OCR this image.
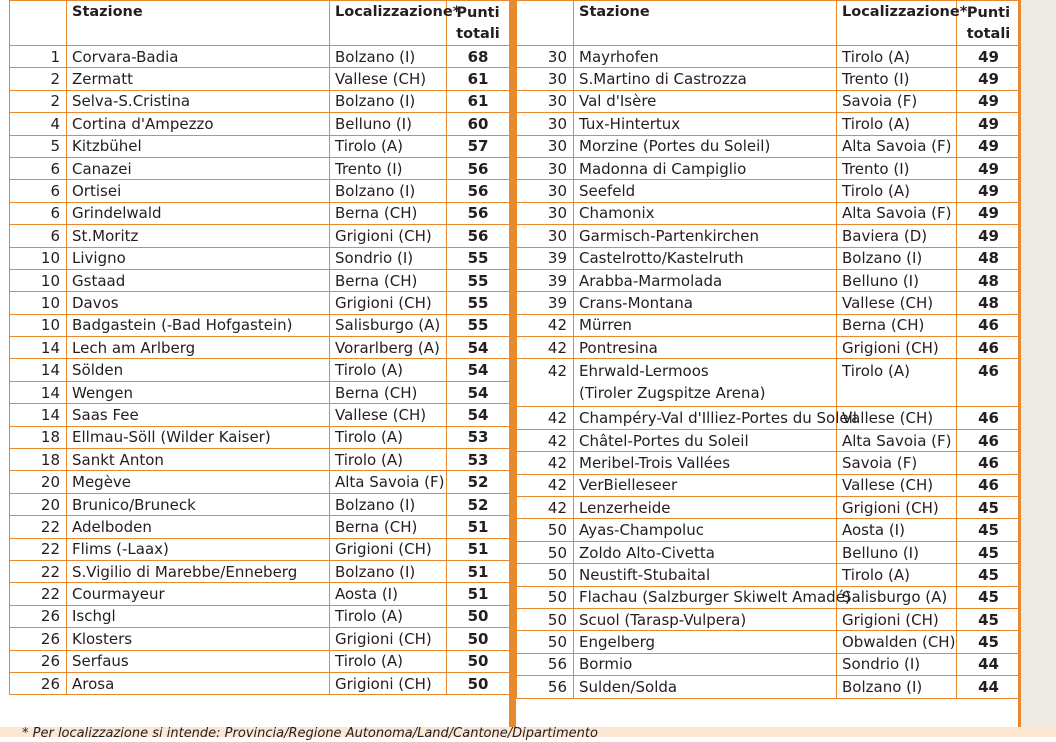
	Stazione	Localizzazione*	Punti
totali
1	Corvara-Badia	Bolzano (I)	68
2	Zermatt	Vallese (CH)	61
2	Selva-S.Cristina	Bolzano (I)	61
4	Cortina d'Ampezzo	Belluno (I)	60
5	Kitzbühel	Tirolo (A)	57
6	Canazei	Trento (I)	56
6	Ortisei	Bolzano (I)	56
6	Grindelwald	Berna (CH)	56
6	St.Moritz	Grigioni (CH)	56
10	Livigno	Sondrio (I)	55
10	Gstaad	Berna (CH)	55
10	Davos	Grigioni (CH)	55
10	Badgastein (-Bad Hofgastein)	Salisburgo (A)	55
14	Lech am Arlberg	Vorarlberg (A)	54
14	Sölden	Tirolo (A)	54
14	Wengen	Berna (CH)	54
14	Saas Fee	Vallese (CH)	54
18	Ellmau-Söll (Wilder Kaiser)	Tirolo (A)	53
18	Sankt Anton	Tirolo (A)	53
20	Megève	Alta Savoia (F)	52
20	Brunico/Bruneck	Bolzano (I)	52
22	Adelboden	Berna (CH)	51
22	Flims (-Laax)	Grigioni (CH)	51
22	S.Vigilio di Marebbe/Enneberg	Bolzano (I)	51
22	Courmayeur	Aosta (I)	51
26	Ischgl	Tirolo (A)	50
26	Klosters	Grigioni (CH)	50
26	Serfaus	Tirolo (A)	50
26	Arosa	Grigioni (CH)	50
	Stazione	Localizzazione*	Punti
totali
30	Mayrhofen	Tirolo (A)	49
30	S.Martino di Castrozza	Trento (I)	49
30	Val d'Isère	Savoia (F)	49
30	Tux-Hintertux	Tirolo (A)	49
30	Morzine (Portes du Soleil)	Alta Savoia (F)	49
30	Madonna di Campiglio	Trento (I)	49
30	Seefeld	Tirolo (A)	49
30	Chamonix	Alta Savoia (F)	49
30	Garmisch-Partenkirchen	Baviera (D)	49
39	Castelrotto/Kastelruth	Bolzano (I)	48
39	Arabba-Marmolada	Belluno (I)	48
39	Crans-Montana	Vallese (CH)	48
42	Mürren	Berna (CH)	46
42	Pontresina	Grigioni (CH)	46
42	Ehrwald-Lermoos
(Tiroler Zugspitze Arena)	Tirolo (A)	46
42	Champéry-Val d'Illiez-Portes du Soleil	Vallese (CH)	46
42	Châtel-Portes du Soleil	Alta Savoia (F)	46
42	Meribel-Trois Vallées	Savoia (F)	46
42	VerBielleseer	Vallese (CH)	46
42	Lenzerheide	Grigioni (CH)	45
50	Ayas-Champoluc	Aosta (I)	45
50	Zoldo Alto-Civetta	Belluno (I)	45
50	Neustift-Stubaital	Tirolo (A)	45
50	Flachau (Salzburger Skiwelt Amadé)	Salisburgo (A)	45
50	Scuol (Tarasp-Vulpera)	Grigioni (CH)	45
50	Engelberg	Obwalden (CH)	45
56	Bormio	Sondrio (I)	44
56	Sulden/Solda	Bolzano (I)	44
* Per localizzazione si intende: Provincia/Regione Autonoma/Land/Cantone/Dipartimento
